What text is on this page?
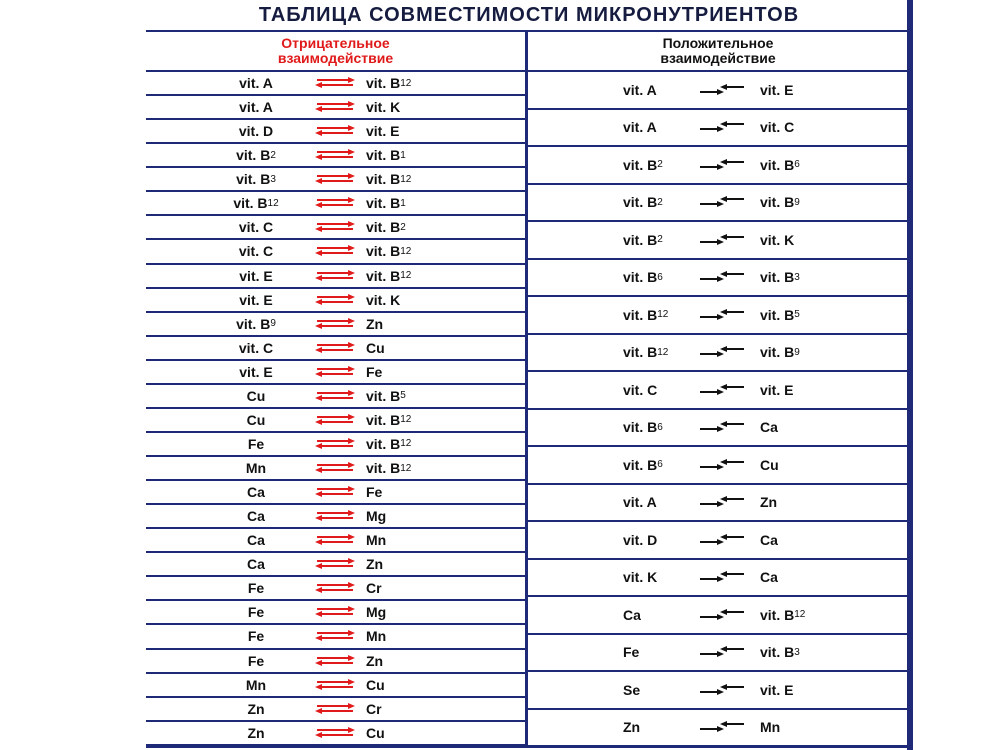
ТАБЛИЦА СОВМЕСТИМОСТИ МИКРОНУТРИЕНТОВ
Отрицательное
взаимодействие
Положительное
взаимодействие
vit. A	vit. B 12
vit. A	vit. K
vit. D	vit. E
vit. B 2	vit. B 1
vit. B 3	vit. B 12
vit. B 12	vit. B 1
vit. C	vit. B 2
vit. C	vit. B 12
vit. E	vit. B 12
vit. E	vit. K
vit. B 9	Zn
vit. C	Cu
vit. E	Fe
Cu	vit. B 5
Cu	vit. B 12
Fe	vit. B 12
Mn	vit. B 12
Ca	Fe
Ca	Mg
Ca	Mn
Ca	Zn
Fe	Cr
Fe	Mg
Fe	Mn
Fe	Zn
Mn	Cu
Zn	Cr
Zn	Cu
vit. A	vit. E
vit. A	vit. C
vit. B 2	vit. B 6
vit. B 2	vit. B 9
vit. B 2	vit. K
vit. B 6	vit. B 3
vit. B 12	vit. B 5
vit. B 12	vit. B 9
vit. C	vit. E
vit. B 6	Ca
vit. B 6	Cu
vit. A	Zn
vit. D	Ca
vit. K	Ca
Ca	vit. B 12
Fe	vit. B 3
Se	vit. E
Zn	Mn
